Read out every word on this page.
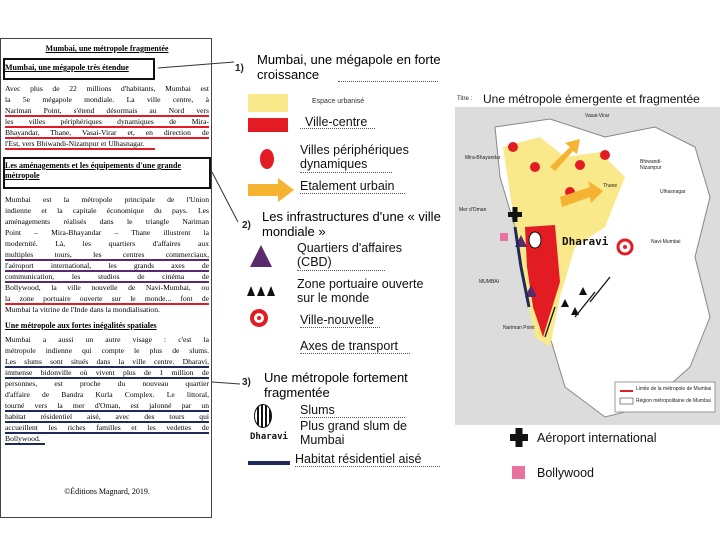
Mumbai, une métropole fragmentée
Mumbai, une mégapole très étendue
Avec plus de 22 millions d'habitants, Mumbai est
la 5e mégapole mondiale. La ville centre, à
Nariman Point, s'étend désormais au Nord vers
les villes périphériques dynamiques de Mira-
Bhayandar, Thane, Vasai-Virar et, en direction de
l'Est, vers Bhiwandi-Nizampur et Ulhasnagar.
Les aménagements et les équipements d'une grande métropole
Mumbai est la métropole principale de l'Union
indienne et la capitale économique du pays. Les
aménagements réalisés dans le triangle Nariman
Point – Mira-Bhayandar – Thane illustrent la
modernité. Là, les quartiers d'affaires aux
multiples tours, les centres commerciaux,
l'aéroport international, les grands axes de
communication, les studios de cinéma de
Bollywood, la ville nouvelle de Navi-Mumbai, ou
la zone portuaire ouverte sur le monde... font de
Mumbai la vitrine de l'Inde dans la mondialisation.
Une métropole aux fortes inégalités spatiales
Mumbai a aussi un autre visage : c'est la
métropole indienne qui compte le plus de slums.
Les slums sont situés dans la ville centre. Dharavi,
immense bidonville où vivent plus de 1 million de
personnes, est proche du nouveau quartier
d'affaire de Bandra Kurla Complex. Le littoral,
tourné vers la mer d'Oman, est jalonné par un
habitat résidentiel aisé, avec des tours qui
accueillent les riches familles et les vedettes de
Bollywood.
©Éditions Magnard, 2019.
1)
Mumbai, une mégapole en forte croissance
Espace urbanisé
Ville-centre
Villes périphériques dynamiques
Etalement urbain
2)
Les infrastructures d'une « ville mondiale »
Quartiers d'affaires (CBD)
Zone portuaire ouverte sur le monde
Ville-nouvelle
Axes de transport
3) Une métropole fortement fragmentée
Slums
Dharavi
Plus grand slum de Mumbai
Habitat résidentiel aisé
Titre : Une métropole émergente et fragmentée
Vasai-Virar
Mira-Bhayandar
Thane
Bhiwandi-Nizampur
Ulhasnagar
Mer d'Oman
MUMBAI
Navi-Mumbai
Nariman Point
Dharavi
Limite de la métropole de Mumbai
Région métropolitaine de Mumbai
Aéroport international
Bollywood
